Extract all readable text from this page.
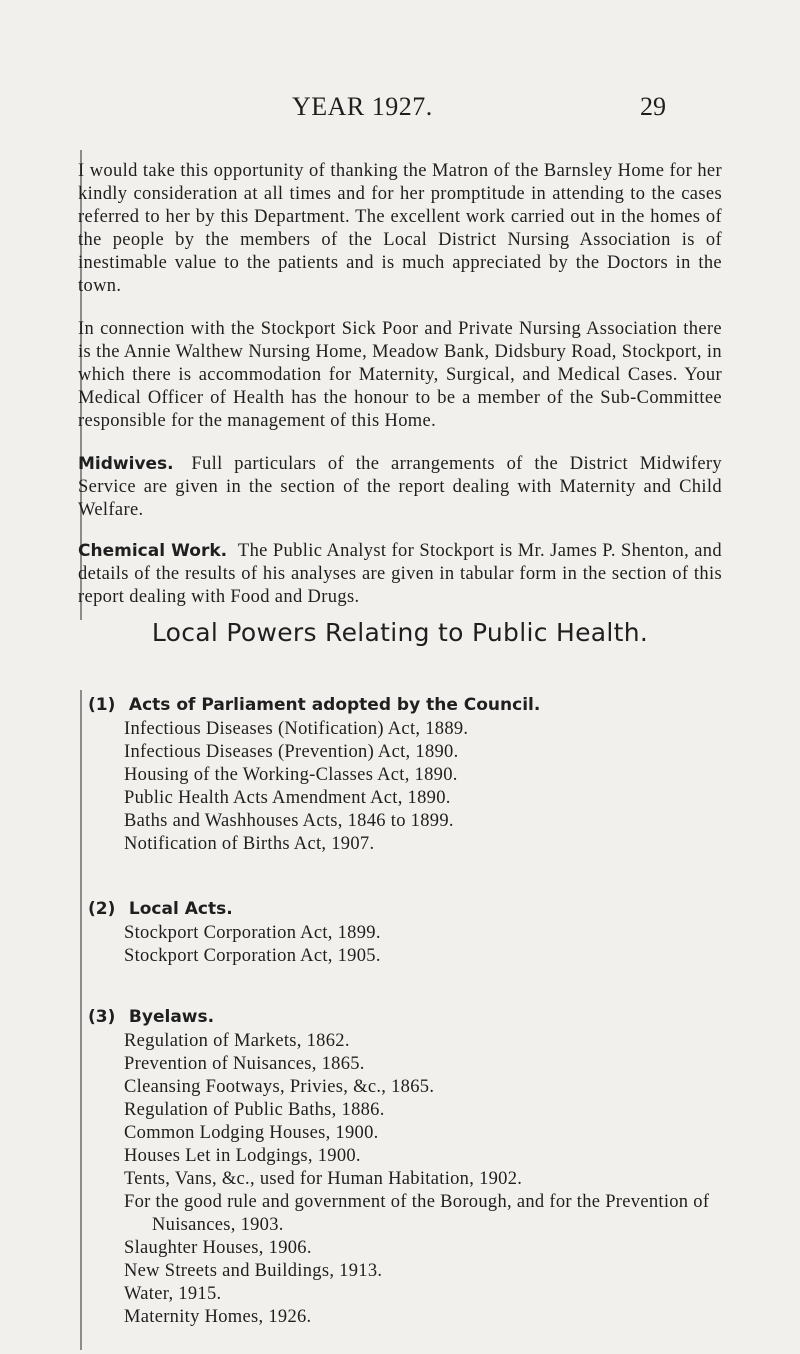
YEAR 1927.	29

I would take this opportunity of thanking the Matron of the Barnsley Home for her kindly consideration at all times and for her promptitude in attending to the cases referred to her by this Department. The excellent work carried out in the homes of the people by the members of the Local District Nursing Association is of inestimable value to the patients and is much appreciated by the Doctors in the town.

In connection with the Stockport Sick Poor and Private Nursing Association there is the Annie Walthew Nursing Home, Meadow Bank, Didsbury Road, Stockport, in which there is accommodation for Maternity, Surgical, and Medical Cases. Your Medical Officer of Health has the honour to be a member of the Sub-Committee responsible for the management of this Home.

Midwives. Full particulars of the arrangements of the District Midwifery Service are given in the section of the report dealing with Maternity and Child Welfare.

Chemical Work. The Public Analyst for Stockport is Mr. James P. Shenton, and details of the results of his analyses are given in tabular form in the section of this report dealing with Food and Drugs.

Local Powers Relating to Public Health.
(1) Acts of Parliament adopted by the Council.
Infectious Diseases (Notification) Act, 1889.
Infectious Diseases (Prevention) Act, 1890.
Housing of the Working-Classes Act, 1890.
Public Health Acts Amendment Act, 1890.
Baths and Washhouses Acts, 1846 to 1899.
Notification of Births Act, 1907.
(2) Local Acts.
Stockport Corporation Act, 1899.
Stockport Corporation Act, 1905.
(3) Byelaws.
Regulation of Markets, 1862.
Prevention of Nuisances, 1865.
Cleansing Footways, Privies, &c., 1865.
Regulation of Public Baths, 1886.
Common Lodging Houses, 1900.
Houses Let in Lodgings, 1900.
Tents, Vans, &c., used for Human Habitation, 1902.
For the good rule and government of the Borough, and for the Prevention of Nuisances, 1903.
Slaughter Houses, 1906.
New Streets and Buildings, 1913.
Water, 1915.
Maternity Homes, 1926.
